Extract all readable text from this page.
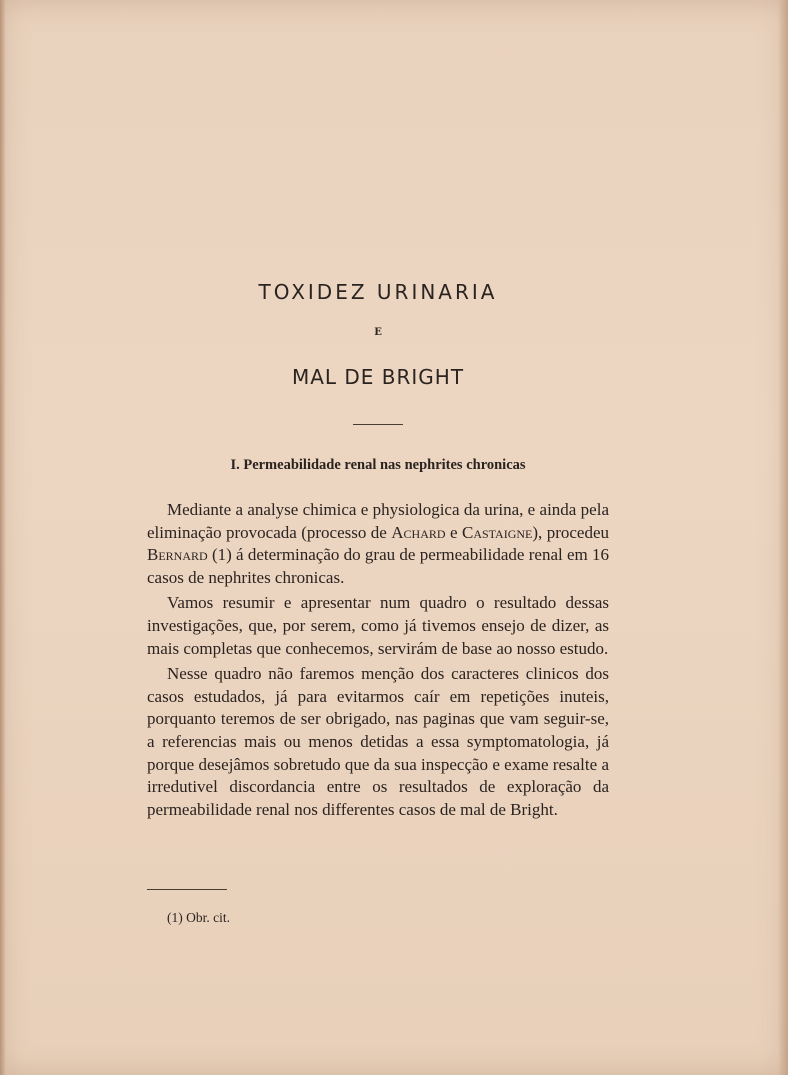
TOXIDEZ URINARIA
E
MAL DE BRIGHT
I. Permeabilidade renal nas nephrites chronicas

Mediante a analyse chimica e physiologica da urina, e ainda pela eliminação provocada (processo de Achard e Castaigne), procedeu Bernard (1) á determinação do grau de permeabilidade renal em 16 casos de nephrites chronicas.

Vamos resumir e apresentar num quadro o resultado dessas investigações, que, por serem, como já tivemos ensejo de dizer, as mais completas que conhecemos, servirám de base ao nosso estudo.

Nesse quadro não faremos menção dos caracteres clinicos dos casos estudados, já para evitarmos caír em repetições inuteis, porquanto teremos de ser obrigado, nas paginas que vam seguir-se, a referencias mais ou menos detidas a essa symptomatologia, já porque desejâmos sobretudo que da sua inspecção e exame resalte a irredutivel discordancia entre os resultados de exploração da permeabilidade renal nos differentes casos de mal de Bright.

(1) Obr. cit.
